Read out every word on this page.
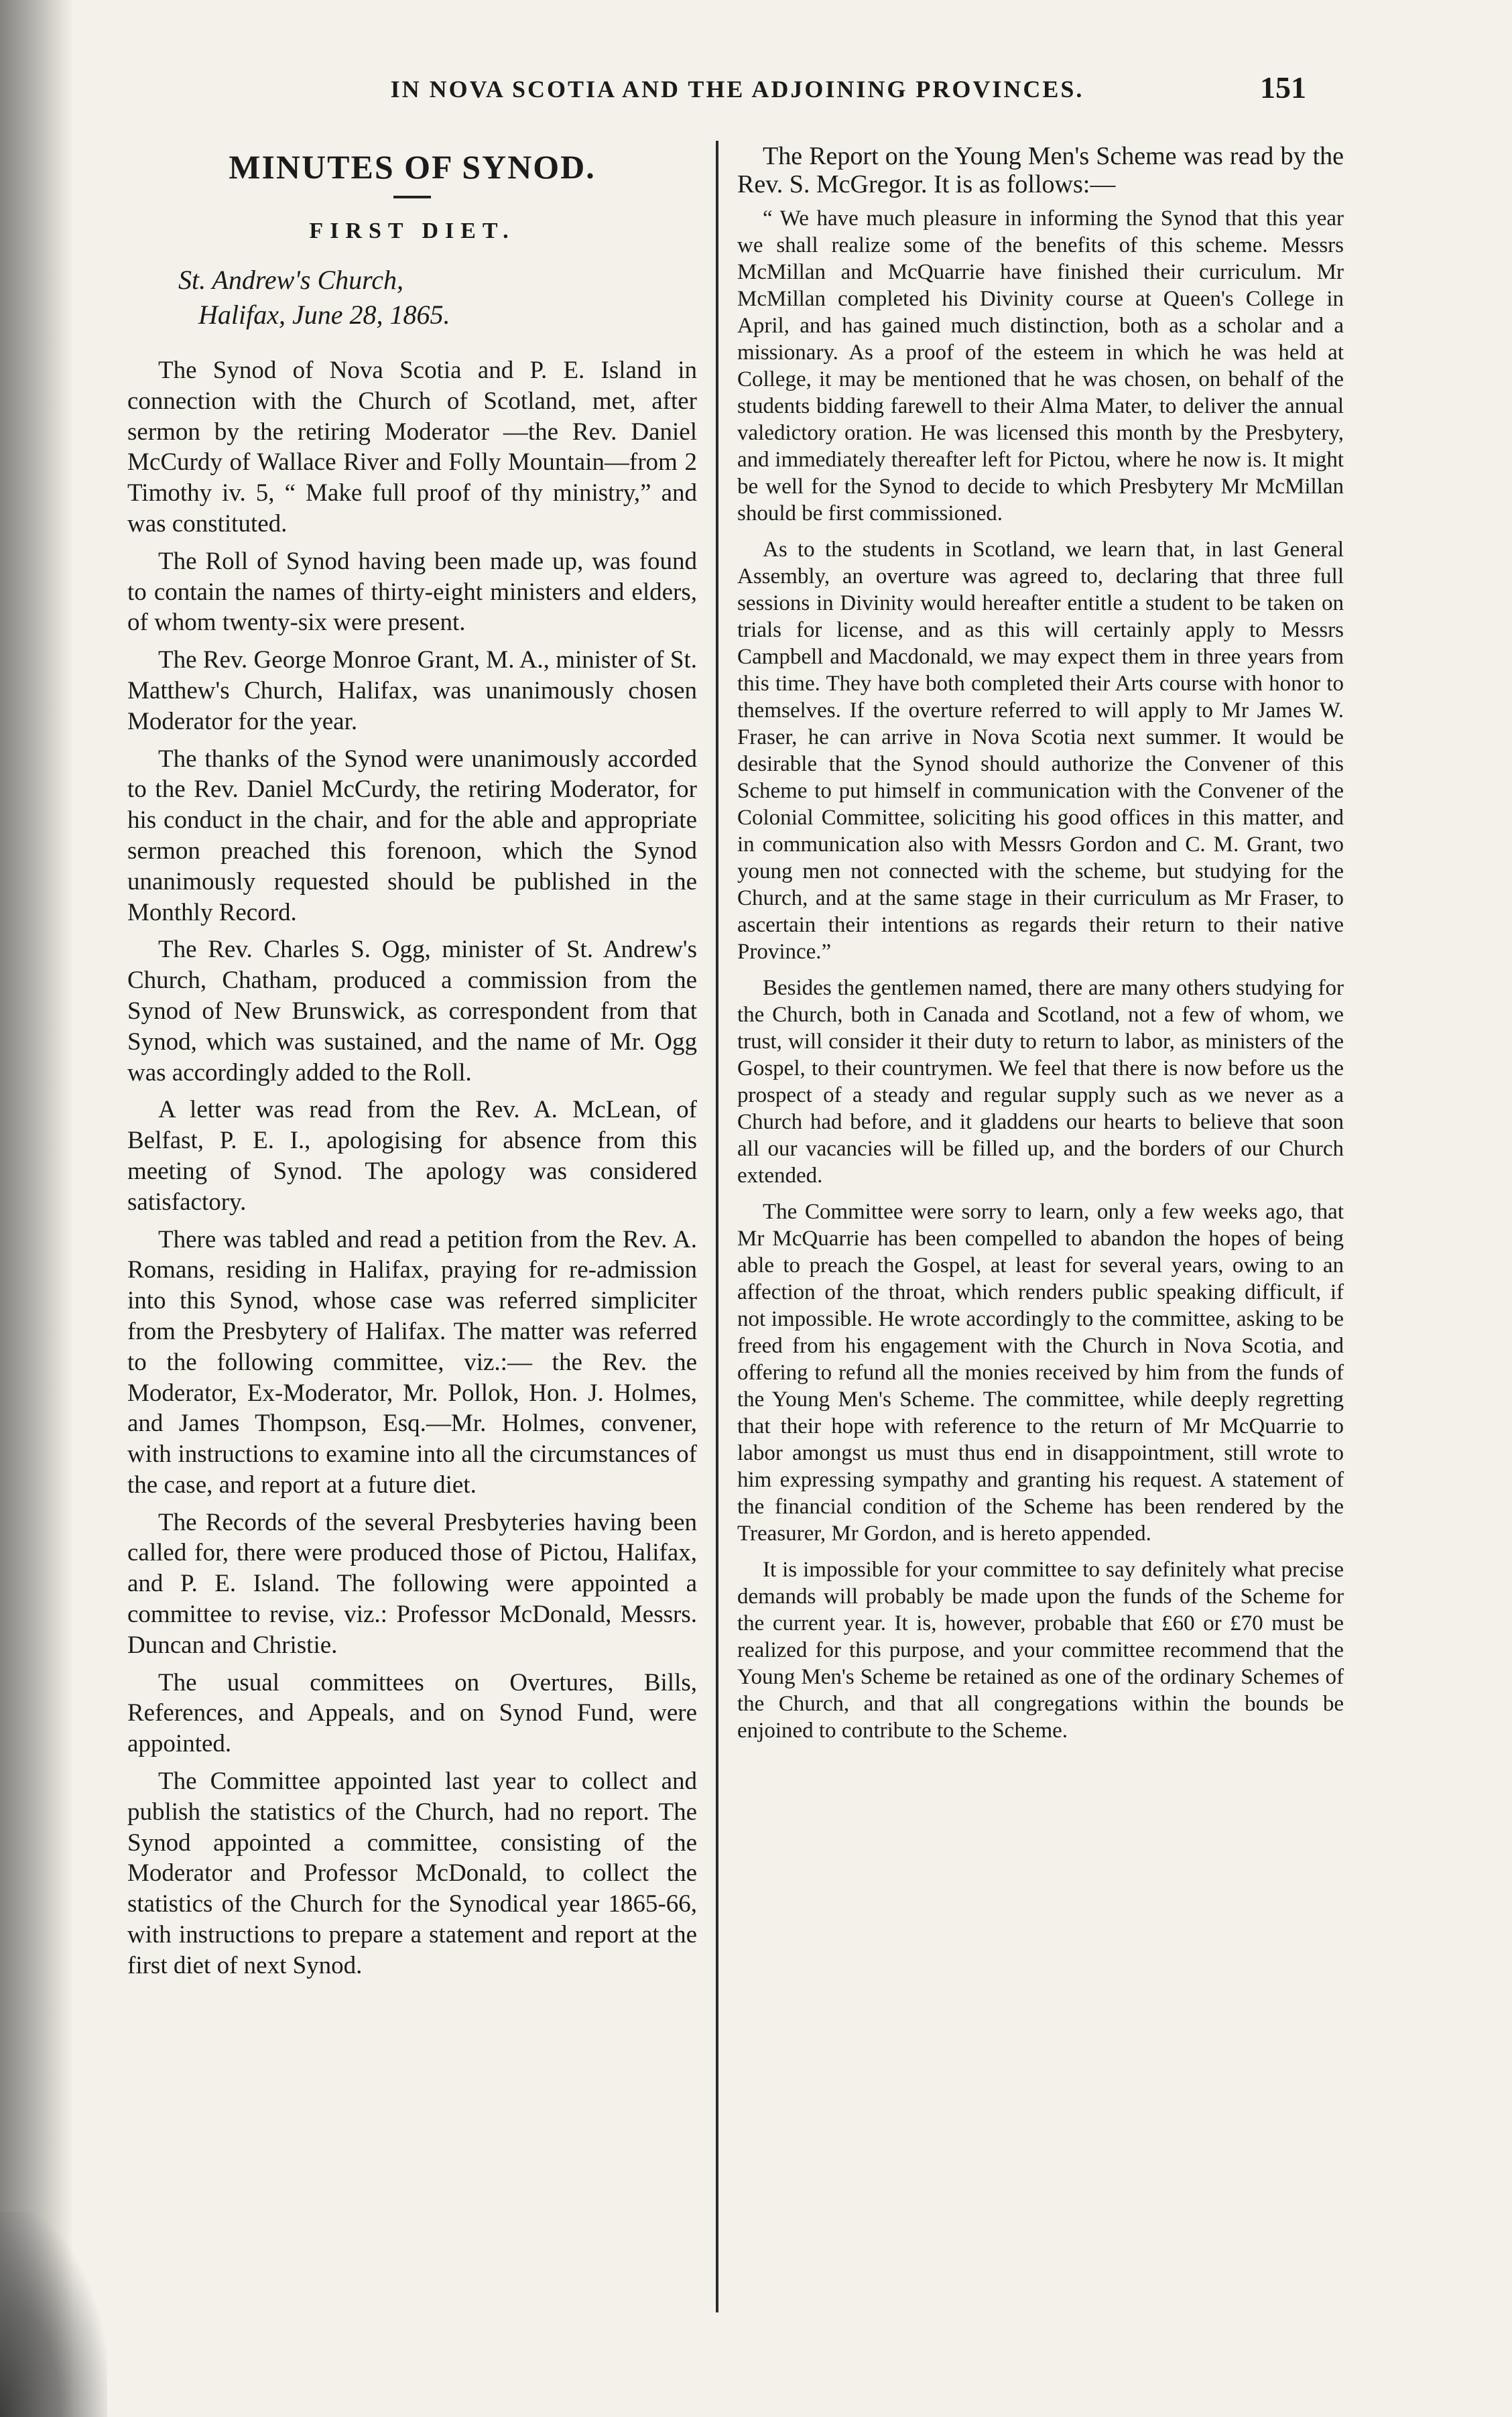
IN NOVA SCOTIA AND THE ADJOINING PROVINCES.	151
MINUTES OF SYNOD.
FIRST DIET.
St. Andrew's Church,
Halifax, June 28, 1865.

The Synod of Nova Scotia and P. E. Island in connection with the Church of Scotland, met, after sermon by the retiring Moderator —the Rev. Daniel McCurdy of Wallace River and Folly Mountain—from 2 Timothy iv. 5, “ Make full proof of thy ministry,” and was constituted.

The Roll of Synod having been made up, was found to contain the names of thirty-eight ministers and elders, of whom twenty-six were present.

The Rev. George Monroe Grant, M. A., minister of St. Matthew's Church, Halifax, was unanimously chosen Moderator for the year.

The thanks of the Synod were unanimously accorded to the Rev. Daniel McCurdy, the retiring Moderator, for his conduct in the chair, and for the able and appropriate sermon preached this forenoon, which the Synod unanimously requested should be published in the Monthly Record.

The Rev. Charles S. Ogg, minister of St. Andrew's Church, Chatham, produced a commission from the Synod of New Brunswick, as correspondent from that Synod, which was sustained, and the name of Mr. Ogg was accordingly added to the Roll.

A letter was read from the Rev. A. McLean, of Belfast, P. E. I., apologising for absence from this meeting of Synod. The apology was considered satisfactory.

There was tabled and read a petition from the Rev. A. Romans, residing in Halifax, praying for re-admission into this Synod, whose case was referred simpliciter from the Presbytery of Halifax. The matter was referred to the following committee, viz.:— the Rev. the Moderator, Ex-Moderator, Mr. Pollok, Hon. J. Holmes, and James Thompson, Esq.—Mr. Holmes, convener, with instructions to examine into all the circumstances of the case, and report at a future diet.

The Records of the several Presbyteries having been called for, there were produced those of Pictou, Halifax, and P. E. Island. The following were appointed a committee to revise, viz.: Professor McDonald, Messrs. Duncan and Christie.

The usual committees on Overtures, Bills, References, and Appeals, and on Synod Fund, were appointed.

The Committee appointed last year to collect and publish the statistics of the Church, had no report. The Synod appointed a committee, consisting of the Moderator and Professor McDonald, to collect the statistics of the Church for the Synodical year 1865-66, with instructions to prepare a statement and report at the first diet of next Synod.

The Report on the Young Men's Scheme was read by the Rev. S. McGregor. It is as follows:—

“ We have much pleasure in informing the Synod that this year we shall realize some of the benefits of this scheme. Messrs McMillan and McQuarrie have finished their curriculum. Mr McMillan completed his Divinity course at Queen's College in April, and has gained much distinction, both as a scholar and a missionary. As a proof of the esteem in which he was held at College, it may be mentioned that he was chosen, on behalf of the students bidding farewell to their Alma Mater, to deliver the annual valedictory oration. He was licensed this month by the Presbytery, and immediately thereafter left for Pictou, where he now is. It might be well for the Synod to decide to which Presbytery Mr McMillan should be first commissioned.

As to the students in Scotland, we learn that, in last General Assembly, an overture was agreed to, declaring that three full sessions in Divinity would hereafter entitle a student to be taken on trials for license, and as this will certainly apply to Messrs Campbell and Macdonald, we may expect them in three years from this time. They have both completed their Arts course with honor to themselves. If the overture referred to will apply to Mr James W. Fraser, he can arrive in Nova Scotia next summer. It would be desirable that the Synod should authorize the Convener of this Scheme to put himself in communication with the Convener of the Colonial Committee, soliciting his good offices in this matter, and in communication also with Messrs Gordon and C. M. Grant, two young men not connected with the scheme, but studying for the Church, and at the same stage in their curriculum as Mr Fraser, to ascertain their intentions as regards their return to their native Province.”

Besides the gentlemen named, there are many others studying for the Church, both in Canada and Scotland, not a few of whom, we trust, will consider it their duty to return to labor, as ministers of the Gospel, to their countrymen. We feel that there is now before us the prospect of a steady and regular supply such as we never as a Church had before, and it gladdens our hearts to believe that soon all our vacancies will be filled up, and the borders of our Church extended.

The Committee were sorry to learn, only a few weeks ago, that Mr McQuarrie has been compelled to abandon the hopes of being able to preach the Gospel, at least for several years, owing to an affection of the throat, which renders public speaking difficult, if not impossible. He wrote accordingly to the committee, asking to be freed from his engagement with the Church in Nova Scotia, and offering to refund all the monies received by him from the funds of the Young Men's Scheme. The committee, while deeply regretting that their hope with reference to the return of Mr McQuarrie to labor amongst us must thus end in disappointment, still wrote to him expressing sympathy and granting his request. A statement of the financial condition of the Scheme has been rendered by the Treasurer, Mr Gordon, and is hereto appended.

It is impossible for your committee to say definitely what precise demands will probably be made upon the funds of the Scheme for the current year. It is, however, probable that £60 or £70 must be realized for this purpose, and your committee recommend that the Young Men's Scheme be retained as one of the ordinary Schemes of the Church, and that all congregations within the bounds be enjoined to contribute to the Scheme.
